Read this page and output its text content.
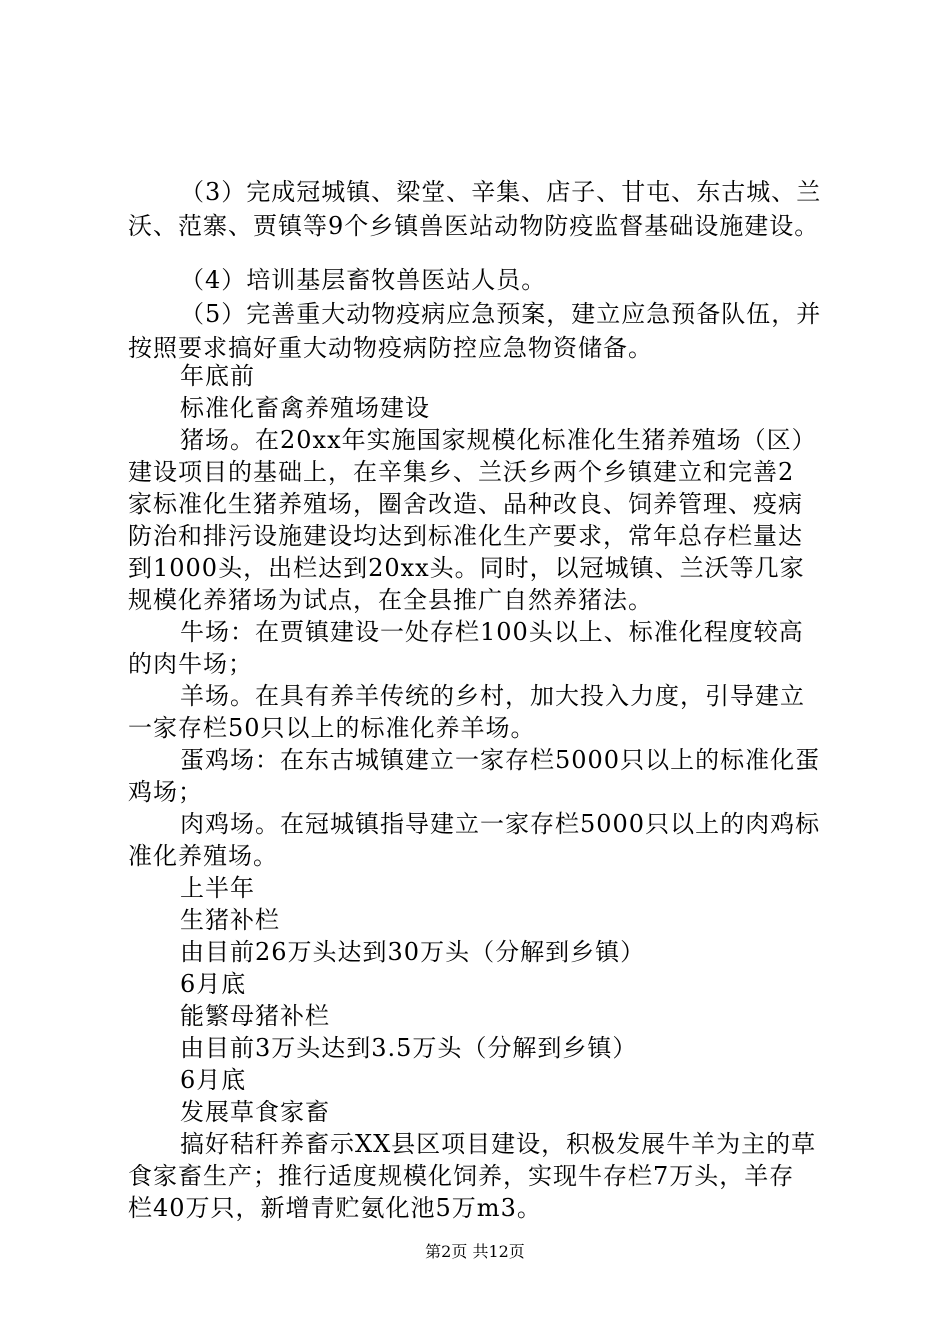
（3）完成冠城镇、梁堂、辛集、店子、甘屯、东古城、兰
沃、范寨、贾镇等9个乡镇兽医站动物防疫监督基础设施建设。
（4）培训基层畜牧兽医站人员。
（5）完善重大动物疫病应急预案，建立应急预备队伍，并
按照要求搞好重大动物疫病防控应急物资储备。
年底前
标准化畜禽养殖场建设
猪场。在20xx年实施国家规模化标准化生猪养殖场（区）
建设项目的基础上，在辛集乡、兰沃乡两个乡镇建立和完善2
家标准化生猪养殖场，圈舍改造、品种改良、饲养管理、疫病
防治和排污设施建设均达到标准化生产要求，常年总存栏量达
到1000头，出栏达到20xx头。同时，以冠城镇、兰沃等几家
规模化养猪场为试点，在全县推广自然养猪法。
牛场：在贾镇建设一处存栏100头以上、标准化程度较高
的肉牛场；
羊场。在具有养羊传统的乡村，加大投入力度，引导建立
一家存栏50只以上的标准化养羊场。
蛋鸡场：在东古城镇建立一家存栏5000只以上的标准化蛋
鸡场；
肉鸡场。在冠城镇指导建立一家存栏5000只以上的肉鸡标
准化养殖场。
上半年
生猪补栏
由目前26万头达到30万头（分解到乡镇）
6月底
能繁母猪补栏
由目前3万头达到3.5万头（分解到乡镇）
6月底
发展草食家畜
搞好秸秆养畜示XX县区项目建设，积极发展牛羊为主的草
食家畜生产；推行适度规模化饲养，实现牛存栏7万头，羊存
栏40万只，新增青贮氨化池5万m3。
第2页 共12页
